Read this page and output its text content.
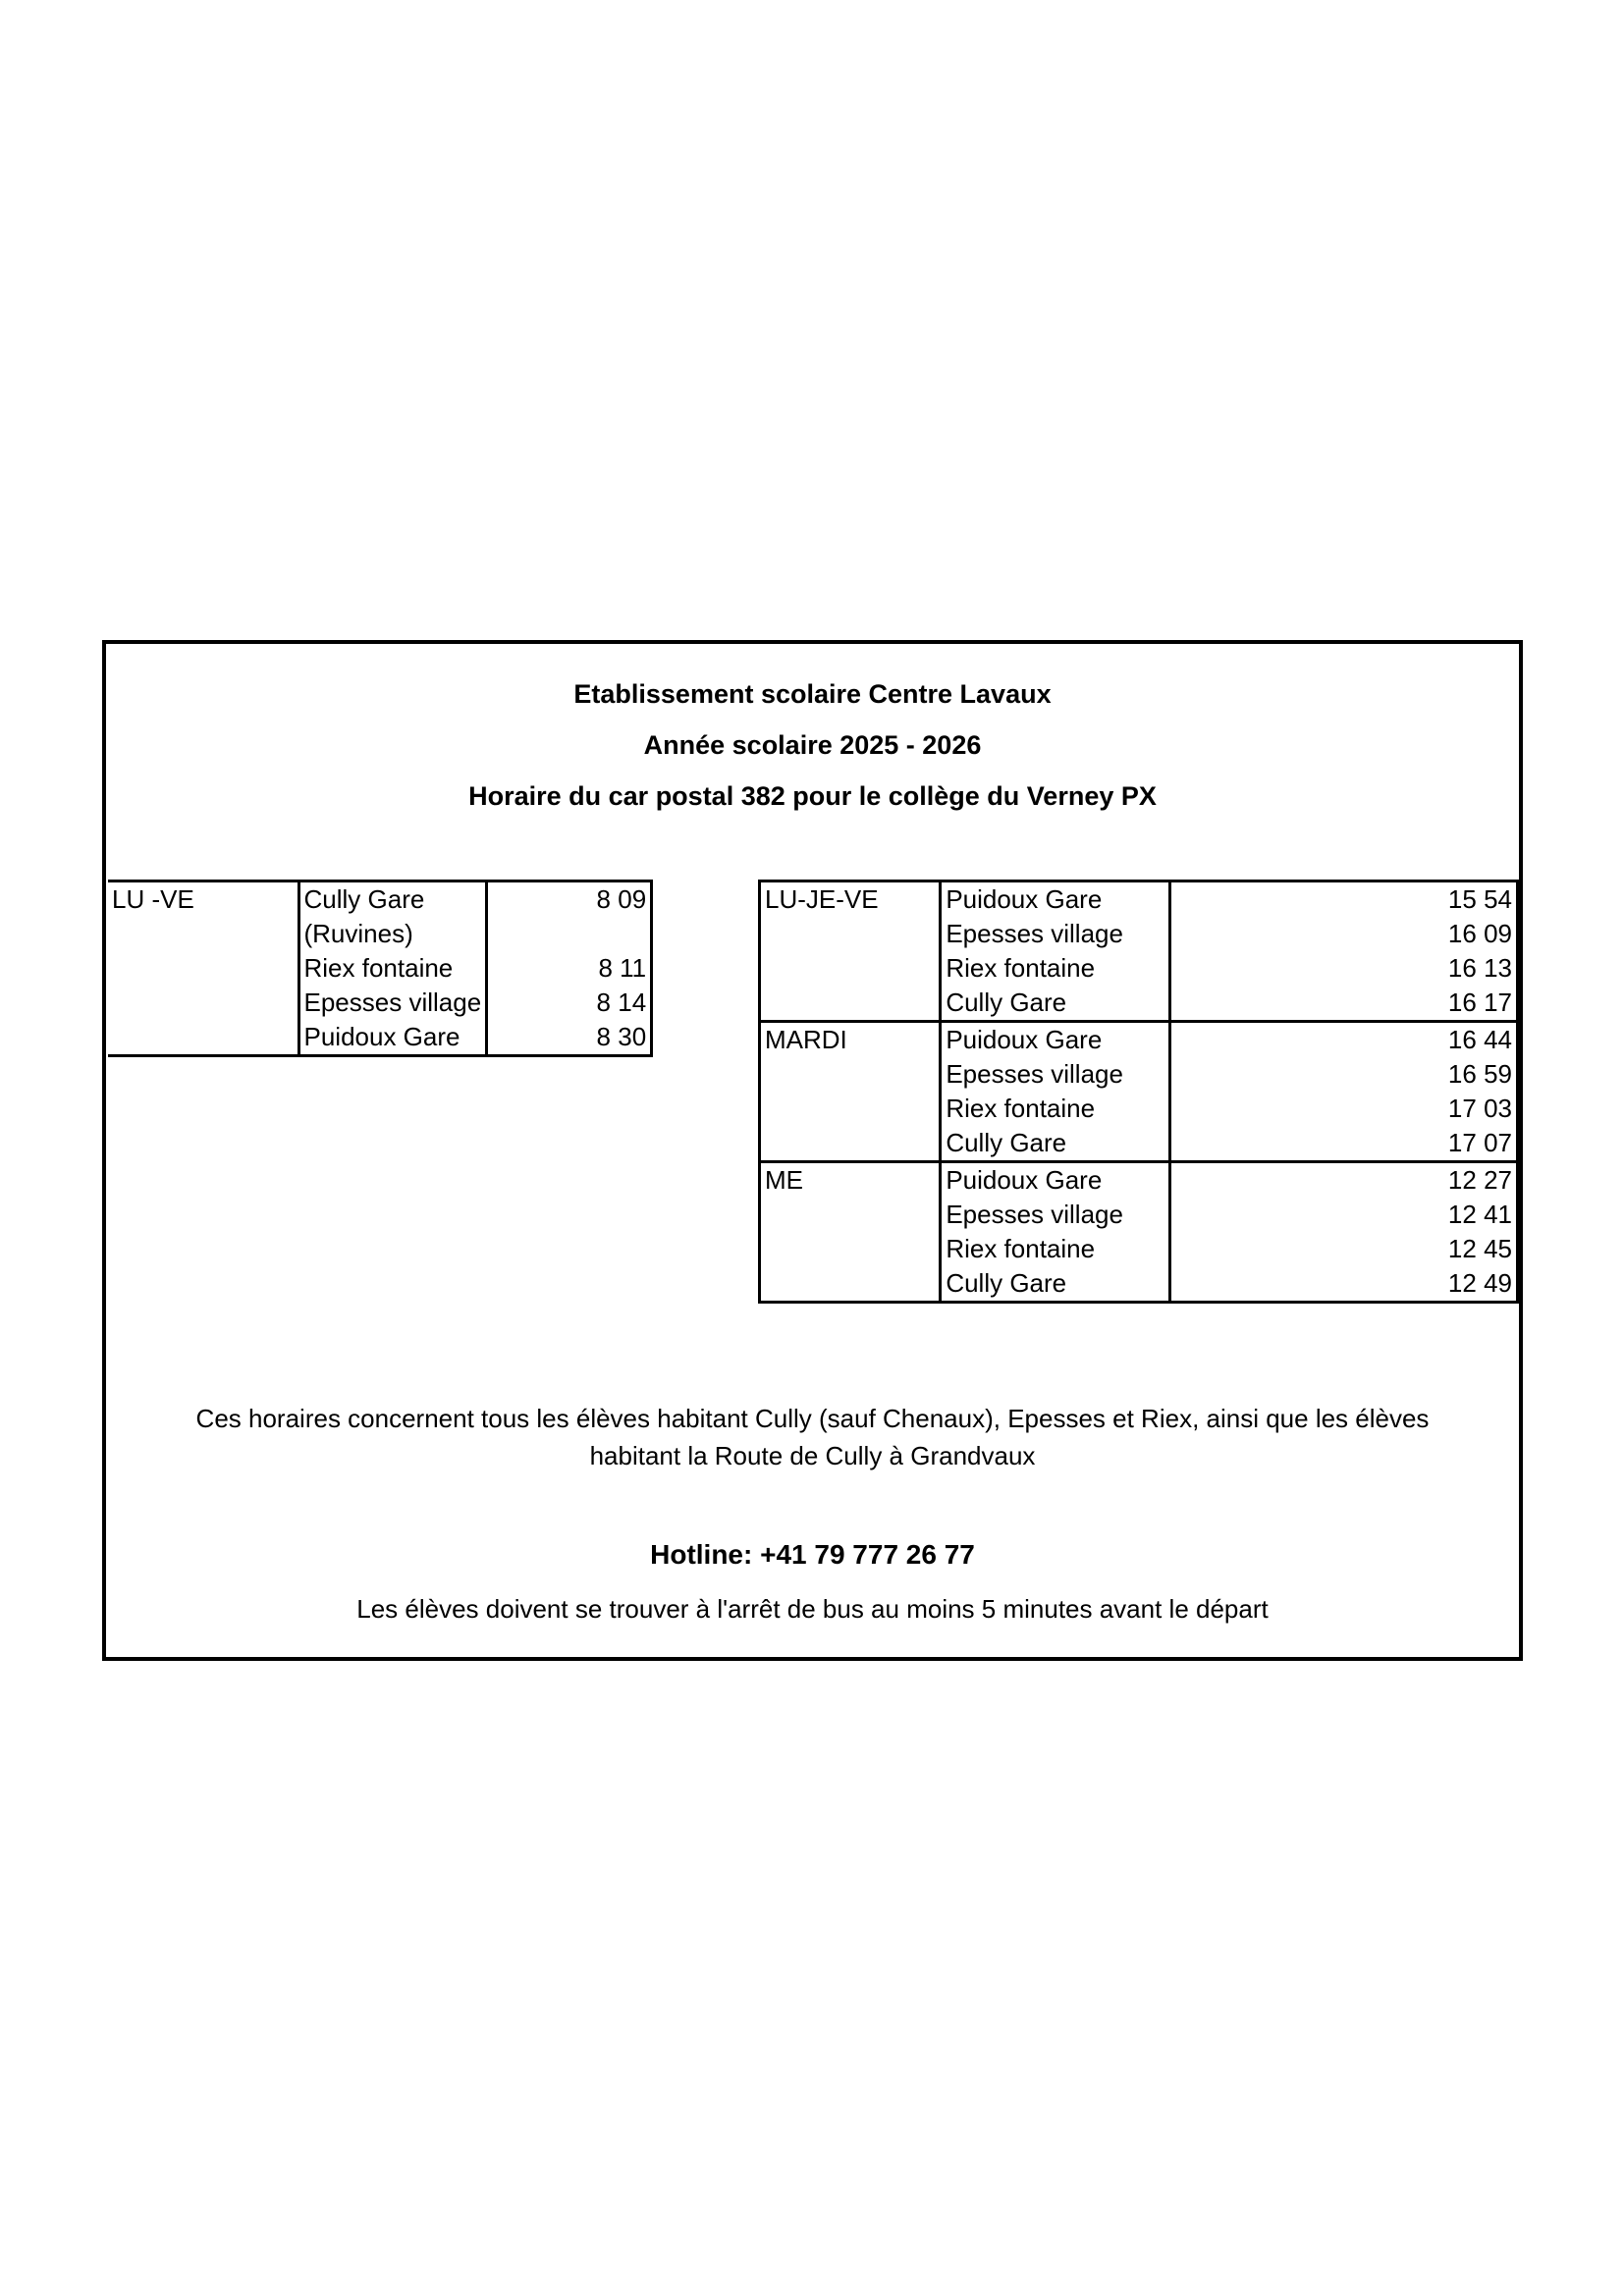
Etablissement scolaire Centre Lavaux
Année scolaire 2025 - 2026
Horaire du car postal 382 pour le collège du Verney PX
LU -VE	Cully Gare	8 09
	(Ruvines)	
	Riex fontaine	8 11
	Epesses village	8 14
	Puidoux Gare	8 30
LU-JE-VE	Puidoux Gare	15 54
	Epesses village	16 09
	Riex fontaine	16 13
	Cully Gare	16 17
MARDI	Puidoux Gare	16 44
	Epesses village	16 59
	Riex fontaine	17 03
	Cully Gare	17 07
ME	Puidoux Gare	12 27
	Epesses village	12 41
	Riex fontaine	12 45
	Cully Gare	12 49
Ces horaires concernent tous les élèves habitant Cully (sauf Chenaux), Epesses et Riex, ainsi que les élèves
habitant la Route de Cully à Grandvaux
Hotline: +41 79 777 26 77
Les élèves doivent se trouver à l'arrêt de bus au moins 5 minutes avant le départ
